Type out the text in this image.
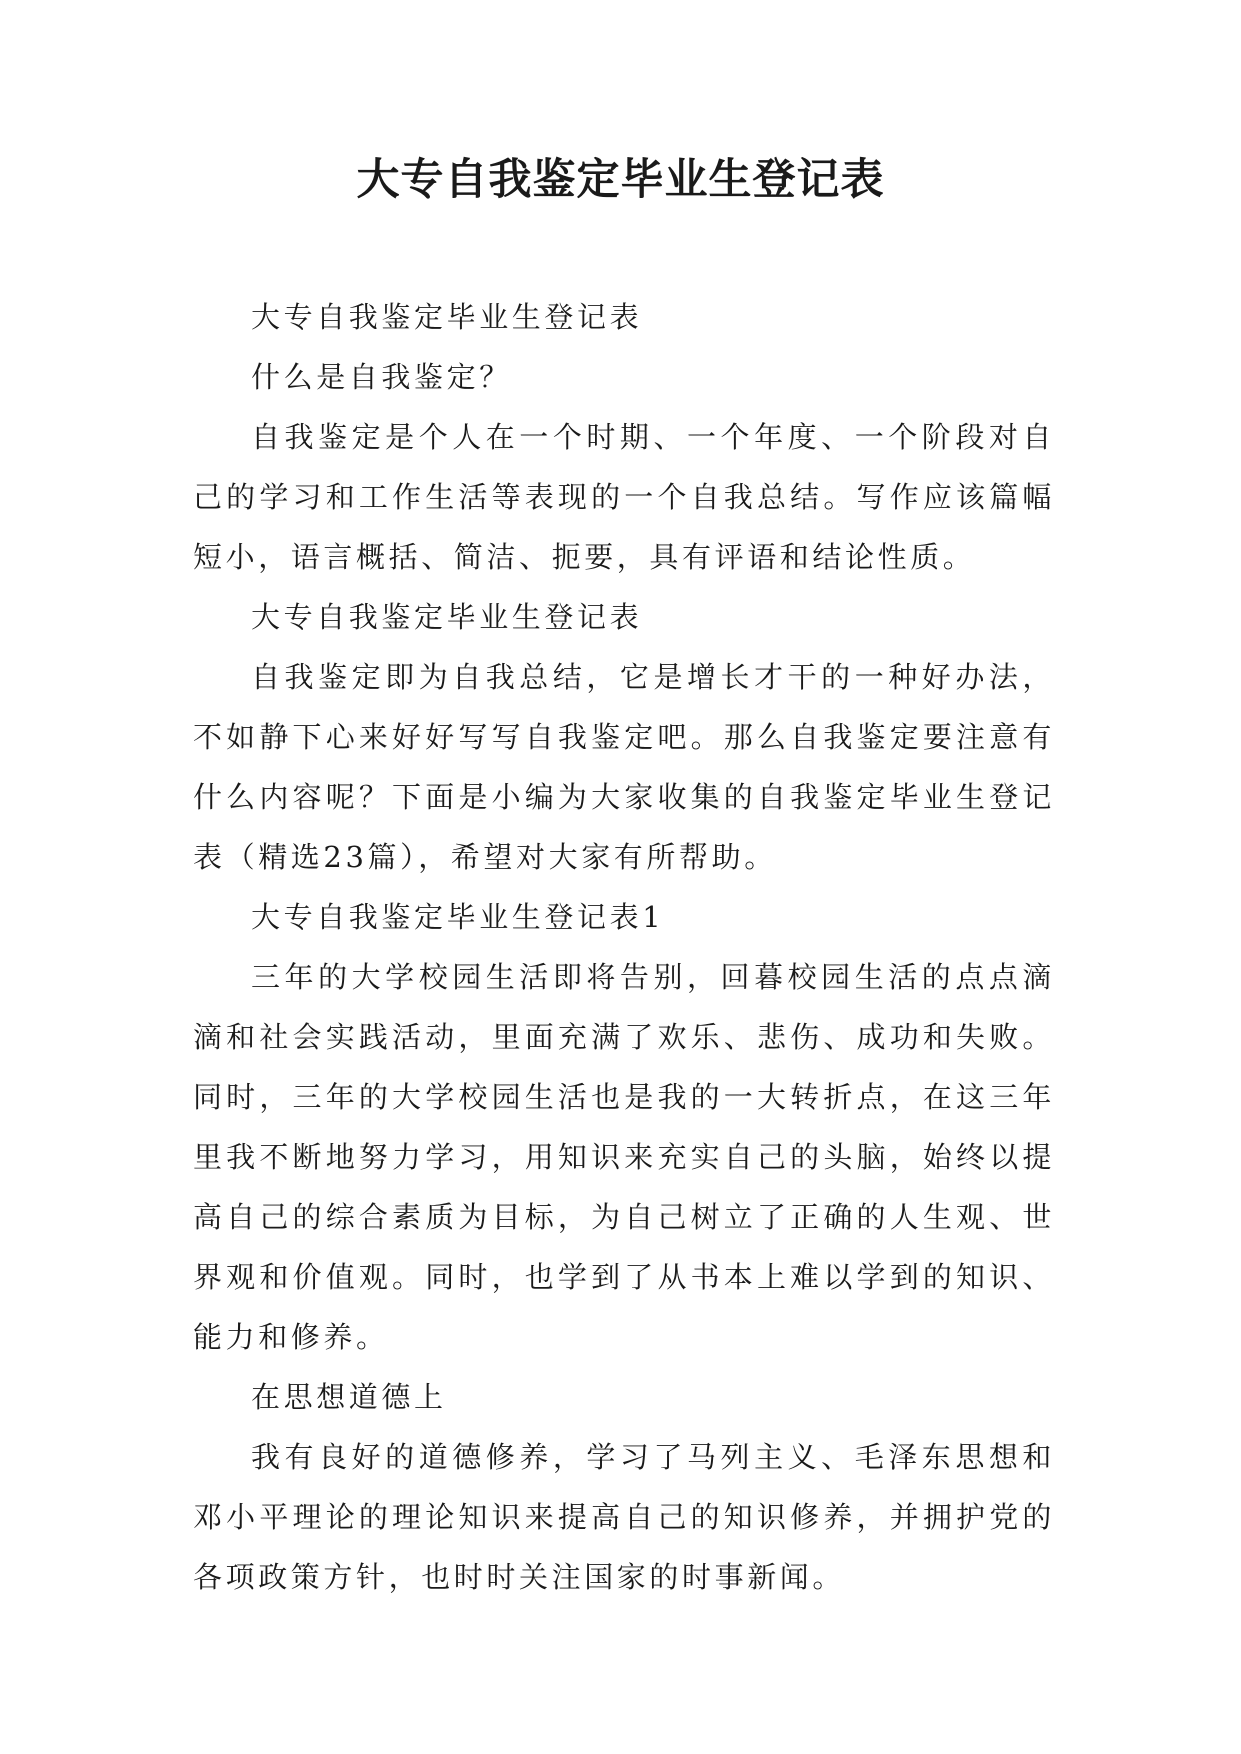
大专自我鉴定毕业生登记表

大专自我鉴定毕业生登记表

什么是自我鉴定？

自我鉴定是个人在一个时期、一个年度、一个阶段对自己的学习和工作生活等表现的一个自我总结。写作应该篇幅短小，语言概括、简洁、扼要，具有评语和结论性质。

大专自我鉴定毕业生登记表

自我鉴定即为自我总结，它是增长才干的一种好办法，不如静下心来好好写写自我鉴定吧。那么自我鉴定要注意有什么内容呢？下面是小编为大家收集的自我鉴定毕业生登记表（精选23篇），希望对大家有所帮助。

大专自我鉴定毕业生登记表1

三年的大学校园生活即将告别，回暮校园生活的点点滴滴和社会实践活动，里面充满了欢乐、悲伤、成功和失败。同时，三年的大学校园生活也是我的一大转折点，在这三年里我不断地努力学习，用知识来充实自己的头脑，始终以提高自己的综合素质为目标，为自己树立了正确的人生观、世界观和价值观。同时，也学到了从书本上难以学到的知识、能力和修养。

在思想道德上

我有良好的道德修养，学习了马列主义、毛泽东思想和邓小平理论的理论知识来提高自己的知识修养，并拥护党的各项政策方针，也时时关注国家的时事新闻。
